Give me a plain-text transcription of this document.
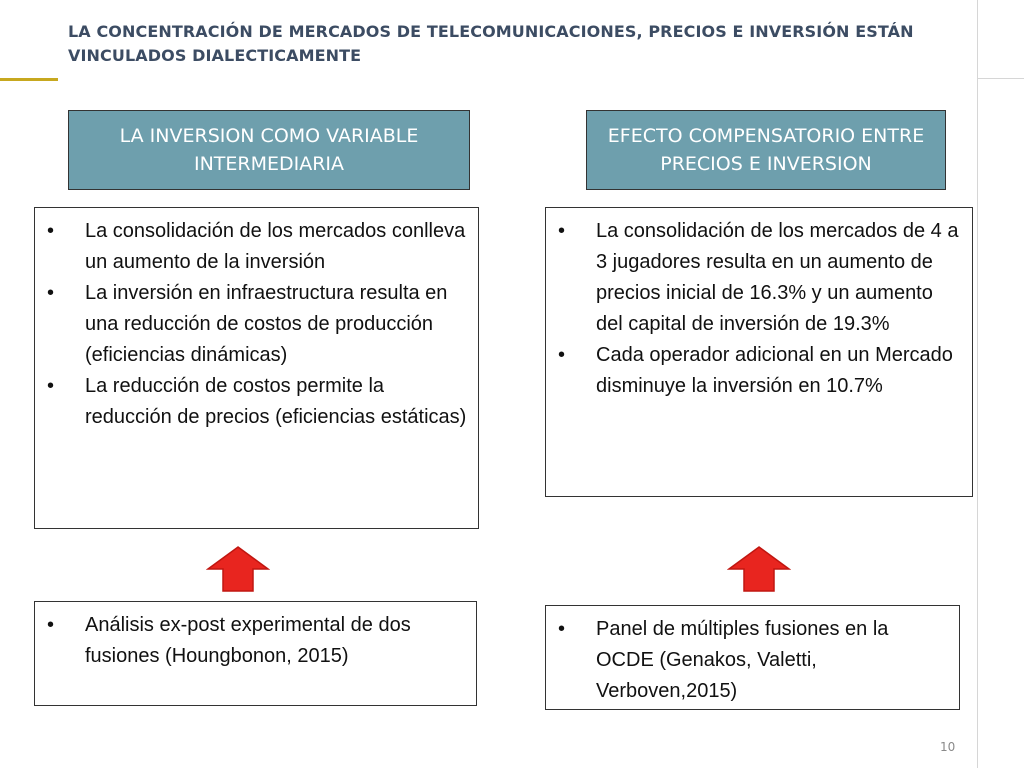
LA CONCENTRACIÓN DE MERCADOS DE TELECOMUNICACIONES, PRECIOS E INVERSIÓN ESTÁN VINCULADOS DIALECTICAMENTE
LA INVERSION COMO VARIABLE INTERMEDIARIA
EFECTO COMPENSATORIO ENTRE PRECIOS E INVERSION
• La consolidación de los mercados conlleva un aumento de la inversión
• La inversión en infraestructura resulta en una reducción de costos de producción (eficiencias dinámicas)
• La reducción de costos permite la reducción de precios (eficiencias estáticas)
• La consolidación de los mercados de 4 a 3 jugadores resulta en un aumento de precios inicial de 16.3% y un aumento del capital de inversión de 19.3%
• Cada operador adicional en un Mercado disminuye la inversión en 10.7%
• Análisis ex-post experimental de dos fusiones (Houngbonon, 2015)
• Panel de múltiples fusiones en la OCDE (Genakos, Valetti, Verboven,2015)
10
